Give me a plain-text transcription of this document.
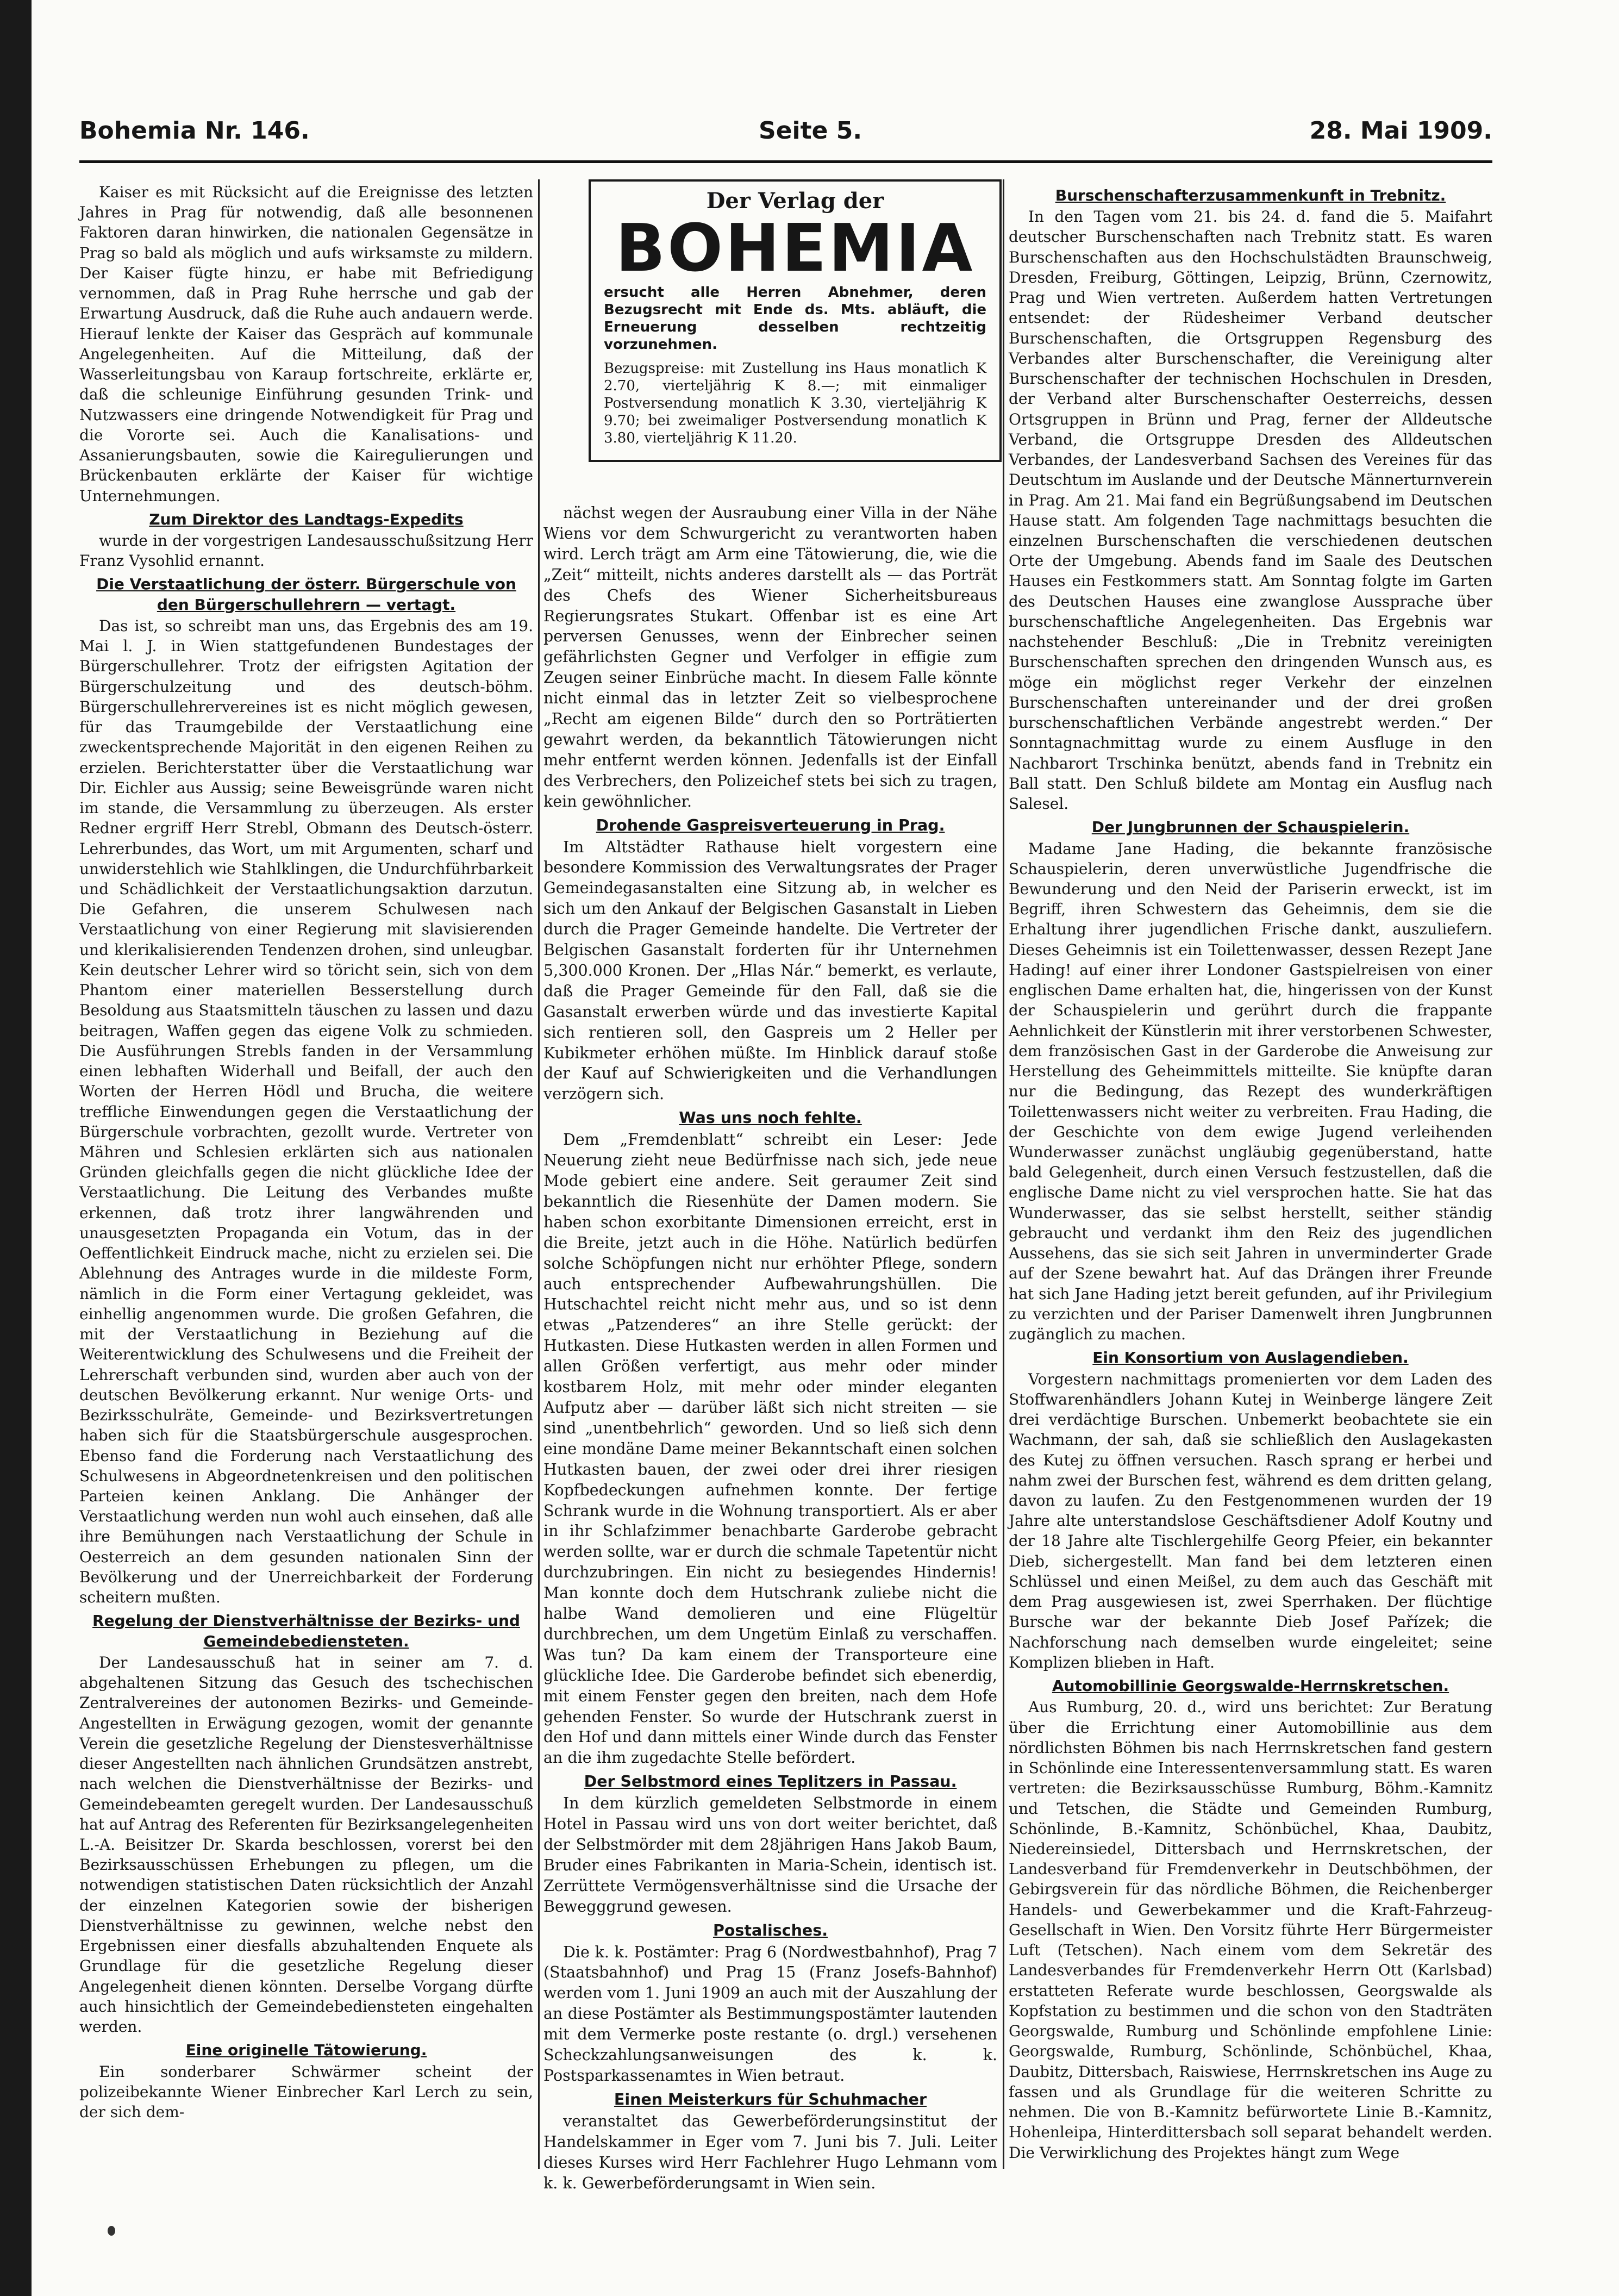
Bohemia Nr. 146.	Seite 5.	28. Mai 1909.

Kaiser es mit Rücksicht auf die Ereignisse des letzten Jahres in Prag für notwendig, daß alle besonnenen Faktoren daran hinwirken, die nationalen Gegensätze in Prag so bald als möglich und aufs wirksamste zu mildern. Der Kaiser fügte hinzu, er habe mit Befriedigung vernommen, daß in Prag Ruhe herrsche und gab der Erwartung Ausdruck, daß die Ruhe auch andauern werde. Hierauf lenkte der Kaiser das Gespräch auf kommunale Angelegenheiten. Auf die Mitteilung, daß der Wasserleitungsbau von Karaup fortschreite, erklärte er, daß die schleunige Einführung gesunden Trink- und Nutzwassers eine dringende Notwendigkeit für Prag und die Vororte sei. Auch die Kanalisations- und Assanierungsbauten, sowie die Kairegulierungen und Brückenbauten erklärte der Kaiser für wichtige Unternehmungen.

Zum Direktor des Landtags-Expedits

wurde in der vorgestrigen Landesausschußsitzung Herr Franz Vysohlid ernannt.

Die Verstaatlichung der österr. Bürgerschule von den Bürgerschullehrern — vertagt.

Das ist, so schreibt man uns, das Ergebnis des am 19. Mai l. J. in Wien stattgefundenen Bundestages der Bürgerschullehrer. Trotz der eifrigsten Agitation der Bürgerschulzeitung und des deutsch-böhm. Bürgerschullehrervereines ist es nicht möglich gewesen, für das Traumgebilde der Verstaatlichung eine zweckentsprechende Majorität in den eigenen Reihen zu erzielen. Berichterstatter über die Verstaatlichung war Dir. Eichler aus Aussig; seine Beweisgründe waren nicht im stande, die Versammlung zu überzeugen. Als erster Redner ergriff Herr Strebl, Obmann des Deutsch-österr. Lehrerbundes, das Wort, um mit Argumenten, scharf und unwiderstehlich wie Stahlklingen, die Undurchführbarkeit und Schädlichkeit der Verstaatlichungsaktion darzutun. Die Gefahren, die unserem Schulwesen nach Verstaatlichung von einer Regierung mit slavisierenden und klerikalisierenden Tendenzen drohen, sind unleugbar. Kein deutscher Lehrer wird so töricht sein, sich von dem Phantom einer materiellen Besserstellung durch Besoldung aus Staatsmitteln täuschen zu lassen und dazu beitragen, Waffen gegen das eigene Volk zu schmieden. Die Ausführungen Strebls fanden in der Versammlung einen lebhaften Widerhall und Beifall, der auch den Worten der Herren Hödl und Brucha, die weitere treffliche Einwendungen gegen die Verstaatlichung der Bürgerschule vorbrachten, gezollt wurde. Vertreter von Mähren und Schlesien erklärten sich aus nationalen Gründen gleichfalls gegen die nicht glückliche Idee der Verstaatlichung. Die Leitung des Verbandes mußte erkennen, daß trotz ihrer langwährenden und unausgesetzten Propaganda ein Votum, das in der Oeffentlichkeit Eindruck mache, nicht zu erzielen sei. Die Ablehnung des Antrages wurde in die mildeste Form, nämlich in die Form einer Vertagung gekleidet, was einhellig angenommen wurde. Die großen Gefahren, die mit der Verstaatlichung in Beziehung auf die Weiterentwicklung des Schulwesens und die Freiheit der Lehrerschaft verbunden sind, wurden aber auch von der deutschen Bevölkerung erkannt. Nur wenige Orts- und Bezirksschulräte, Gemeinde- und Bezirksvertretungen haben sich für die Staatsbürgerschule ausgesprochen. Ebenso fand die Forderung nach Verstaatlichung des Schulwesens in Abgeordnetenkreisen und den politischen Parteien keinen Anklang. Die Anhänger der Verstaatlichung werden nun wohl auch einsehen, daß alle ihre Bemühungen nach Verstaatlichung der Schule in Oesterreich an dem gesunden nationalen Sinn der Bevölkerung und der Unerreichbarkeit der Forderung scheitern mußten.

Regelung der Dienstverhältnisse der Bezirks- und Gemeindebediensteten.

Der Landesausschuß hat in seiner am 7. d. abgehaltenen Sitzung das Gesuch des tschechischen Zentralvereines der autonomen Bezirks- und Gemeinde-Angestellten in Erwägung gezogen, womit der genannte Verein die gesetzliche Regelung der Dienstesverhältnisse dieser Angestellten nach ähnlichen Grundsätzen anstrebt, nach welchen die Dienstverhältnisse der Bezirks- und Gemeindebeamten geregelt wurden. Der Landesausschuß hat auf Antrag des Referenten für Bezirksangelegenheiten L.-A. Beisitzer Dr. Skarda beschlossen, vorerst bei den Bezirksausschüssen Erhebungen zu pflegen, um die notwendigen statistischen Daten rücksichtlich der Anzahl der einzelnen Kategorien sowie der bisherigen Dienstverhältnisse zu gewinnen, welche nebst den Ergebnissen einer diesfalls abzuhaltenden Enquete als Grundlage für die gesetzliche Regelung dieser Angelegenheit dienen könnten. Derselbe Vorgang dürfte auch hinsichtlich der Gemeindebediensteten eingehalten werden.

Eine originelle Tätowierung.

Ein sonderbarer Schwärmer scheint der polizeibekannte Wiener Einbrecher Karl Lerch zu sein, der sich dem-

Der Verlag der
BOHEMIA
ersucht alle Herren Abnehmer, deren Bezugsrecht mit Ende ds. Mts. abläuft, die Erneuerung desselben rechtzeitig vorzunehmen.
Bezugspreise: mit Zustellung ins Haus monatlich K 2.70, vierteljährig K 8.—; mit einmaliger Postversendung monatlich K 3.30, vierteljährig K 9.70; bei zweimaliger Postversendung monatlich K 3.80, vierteljährig K 11.20.

nächst wegen der Ausraubung einer Villa in der Nähe Wiens vor dem Schwurgericht zu verantworten haben wird. Lerch trägt am Arm eine Tätowierung, die, wie die „Zeit“ mitteilt, nichts anderes darstellt als — das Porträt des Chefs des Wiener Sicherheitsbureaus Regierungsrates Stukart. Offenbar ist es eine Art perversen Genusses, wenn der Einbrecher seinen gefährlichsten Gegner und Verfolger in effigie zum Zeugen seiner Einbrüche macht. In diesem Falle könnte nicht einmal das in letzter Zeit so vielbesprochene „Recht am eigenen Bilde“ durch den so Porträtierten gewahrt werden, da bekanntlich Tätowierungen nicht mehr entfernt werden können. Jedenfalls ist der Einfall des Verbrechers, den Polizeichef stets bei sich zu tragen, kein gewöhnlicher.

Drohende Gaspreisverteuerung in Prag.

Im Altstädter Rathause hielt vorgestern eine besondere Kommission des Verwaltungsrates der Prager Gemeindegasanstalten eine Sitzung ab, in welcher es sich um den Ankauf der Belgischen Gasanstalt in Lieben durch die Prager Gemeinde handelte. Die Vertreter der Belgischen Gasanstalt forderten für ihr Unternehmen 5,300.000 Kronen. Der „Hlas Nár.“ bemerkt, es verlaute, daß die Prager Gemeinde für den Fall, daß sie die Gasanstalt erwerben würde und das investierte Kapital sich rentieren soll, den Gaspreis um 2 Heller per Kubikmeter erhöhen müßte. Im Hinblick darauf stoße der Kauf auf Schwierigkeiten und die Verhandlungen verzögern sich.

Was uns noch fehlte.

Dem „Fremdenblatt“ schreibt ein Leser: Jede Neuerung zieht neue Bedürfnisse nach sich, jede neue Mode gebiert eine andere. Seit geraumer Zeit sind bekanntlich die Riesenhüte der Damen modern. Sie haben schon exorbitante Dimensionen erreicht, erst in die Breite, jetzt auch in die Höhe. Natürlich bedürfen solche Schöpfungen nicht nur erhöhter Pflege, sondern auch entsprechender Aufbewahrungshüllen. Die Hutschachtel reicht nicht mehr aus, und so ist denn etwas „Patzenderes“ an ihre Stelle gerückt: der Hutkasten. Diese Hutkasten werden in allen Formen und allen Größen verfertigt, aus mehr oder minder kostbarem Holz, mit mehr oder minder eleganten Aufputz aber — darüber läßt sich nicht streiten — sie sind „unentbehrlich“ geworden. Und so ließ sich denn eine mondäne Dame meiner Bekanntschaft einen solchen Hutkasten bauen, der zwei oder drei ihrer riesigen Kopfbedeckungen aufnehmen konnte. Der fertige Schrank wurde in die Wohnung transportiert. Als er aber in ihr Schlafzimmer benachbarte Garderobe gebracht werden sollte, war er durch die schmale Tapetentür nicht durchzubringen. Ein nicht zu besiegendes Hindernis! Man konnte doch dem Hutschrank zuliebe nicht die halbe Wand demolieren und eine Flügeltür durchbrechen, um dem Ungetüm Einlaß zu verschaffen. Was tun? Da kam einem der Transporteure eine glückliche Idee. Die Garderobe befindet sich ebenerdig, mit einem Fenster gegen den breiten, nach dem Hofe gehenden Fenster. So wurde der Hutschrank zuerst in den Hof und dann mittels einer Winde durch das Fenster an die ihm zugedachte Stelle befördert.

Der Selbstmord eines Teplitzers in Passau.

In dem kürzlich gemeldeten Selbstmorde in einem Hotel in Passau wird uns von dort weiter berichtet, daß der Selbstmörder mit dem 28jährigen Hans Jakob Baum, Bruder eines Fabrikanten in Maria-Schein, identisch ist. Zerrüttete Vermögensverhältnisse sind die Ursache der Bewegggrund gewesen.

Postalisches.

Die k. k. Postämter: Prag 6 (Nordwestbahnhof), Prag 7 (Staatsbahnhof) und Prag 15 (Franz Josefs-Bahnhof) werden vom 1. Juni 1909 an auch mit der Auszahlung der an diese Postämter als Bestimmungspostämter lautenden mit dem Vermerke poste restante (o. drgl.) versehenen Scheckzahlungsanweisungen des k. k. Postsparkassenamtes in Wien betraut.

Einen Meisterkurs für Schuhmacher

veranstaltet das Gewerbeförderungsinstitut der Handelskammer in Eger vom 7. Juni bis 7. Juli. Leiter dieses Kurses wird Herr Fachlehrer Hugo Lehmann vom k. k. Gewerbeförderungsamt in Wien sein.

Burschenschafterzusammenkunft in Trebnitz.

In den Tagen vom 21. bis 24. d. fand die 5. Maifahrt deutscher Burschenschaften nach Trebnitz statt. Es waren Burschenschaften aus den Hochschulstädten Braunschweig, Dresden, Freiburg, Göttingen, Leipzig, Brünn, Czernowitz, Prag und Wien vertreten. Außerdem hatten Vertretungen entsendet: der Rüdesheimer Verband deutscher Burschenschaften, die Ortsgruppen Regensburg des Verbandes alter Burschenschafter, die Vereinigung alter Burschenschafter der technischen Hochschulen in Dresden, der Verband alter Burschenschafter Oesterreichs, dessen Ortsgruppen in Brünn und Prag, ferner der Alldeutsche Verband, die Ortsgruppe Dresden des Alldeutschen Verbandes, der Landesverband Sachsen des Vereines für das Deutschtum im Auslande und der Deutsche Männerturnverein in Prag. Am 21. Mai fand ein Begrüßungsabend im Deutschen Hause statt. Am folgenden Tage nachmittags besuchten die einzelnen Burschenschaften die verschiedenen deutschen Orte der Umgebung. Abends fand im Saale des Deutschen Hauses ein Festkommers statt. Am Sonntag folgte im Garten des Deutschen Hauses eine zwanglose Aussprache über burschenschaftliche Angelegenheiten. Das Ergebnis war nachstehender Beschluß: „Die in Trebnitz vereinigten Burschenschaften sprechen den dringenden Wunsch aus, es möge ein möglichst reger Verkehr der einzelnen Burschenschaften untereinander und der drei großen burschenschaftlichen Verbände angestrebt werden.“ Der Sonntagnachmittag wurde zu einem Ausfluge in den Nachbarort Trschinka benützt, abends fand in Trebnitz ein Ball statt. Den Schluß bildete am Montag ein Ausflug nach Salesel.

Der Jungbrunnen der Schauspielerin.

Madame Jane Hading, die bekannte französische Schauspielerin, deren unverwüstliche Jugendfrische die Bewunderung und den Neid der Pariserin erweckt, ist im Begriff, ihren Schwestern das Geheimnis, dem sie die Erhaltung ihrer jugendlichen Frische dankt, auszuliefern. Dieses Geheimnis ist ein Toilettenwasser, dessen Rezept Jane Hading! auf einer ihrer Londoner Gastspielreisen von einer englischen Dame erhalten hat, die, hingerissen von der Kunst der Schauspielerin und gerührt durch die frappante Aehnlichkeit der Künstlerin mit ihrer verstorbenen Schwester, dem französischen Gast in der Garderobe die Anweisung zur Herstellung des Geheimmittels mitteilte. Sie knüpfte daran nur die Bedingung, das Rezept des wunderkräftigen Toilettenwassers nicht weiter zu verbreiten. Frau Hading, die der Geschichte von dem ewige Jugend verleihenden Wunderwasser zunächst ungläubig gegenüberstand, hatte bald Gelegenheit, durch einen Versuch festzustellen, daß die englische Dame nicht zu viel versprochen hatte. Sie hat das Wunderwasser, das sie selbst herstellt, seither ständig gebraucht und verdankt ihm den Reiz des jugendlichen Aussehens, das sie sich seit Jahren in unverminderter Grade auf der Szene bewahrt hat. Auf das Drängen ihrer Freunde hat sich Jane Hading jetzt bereit gefunden, auf ihr Privilegium zu verzichten und der Pariser Damenwelt ihren Jungbrunnen zugänglich zu machen.

Ein Konsortium von Auslagendieben.

Vorgestern nachmittags promenierten vor dem Laden des Stoffwarenhändlers Johann Kutej in Weinberge längere Zeit drei verdächtige Burschen. Unbemerkt beobachtete sie ein Wachmann, der sah, daß sie schließlich den Auslagekasten des Kutej zu öffnen versuchen. Rasch sprang er herbei und nahm zwei der Burschen fest, während es dem dritten gelang, davon zu laufen. Zu den Festgenommenen wurden der 19 Jahre alte unterstandslose Geschäftsdiener Adolf Koutny und der 18 Jahre alte Tischlergehilfe Georg Pfeier, ein bekannter Dieb, sichergestellt. Man fand bei dem letzteren einen Schlüssel und einen Meißel, zu dem auch das Geschäft mit dem Prag ausgewiesen ist, zwei Sperrhaken. Der flüchtige Bursche war der bekannte Dieb Josef Pařízek; die Nachforschung nach demselben wurde eingeleitet; seine Komplizen blieben in Haft.

Automobillinie Georgswalde-Herrnskretschen.

Aus Rumburg, 20. d., wird uns berichtet: Zur Beratung über die Errichtung einer Automobillinie aus dem nördlichsten Böhmen bis nach Herrnskretschen fand gestern in Schönlinde eine Interessentenversammlung statt. Es waren vertreten: die Bezirksausschüsse Rumburg, Böhm.-Kamnitz und Tetschen, die Städte und Gemeinden Rumburg, Schönlinde, B.-Kamnitz, Schönbüchel, Khaa, Daubitz, Niedereinsiedel, Dittersbach und Herrnskretschen, der Landesverband für Fremdenverkehr in Deutschböhmen, der Gebirgsverein für das nördliche Böhmen, die Reichenberger Handels- und Gewerbekammer und die Kraft-Fahrzeug-Gesellschaft in Wien. Den Vorsitz führte Herr Bürgermeister Luft (Tetschen). Nach einem vom dem Sekretär des Landesverbandes für Fremdenverkehr Herrn Ott (Karlsbad) erstatteten Referate wurde beschlossen, Georgswalde als Kopfstation zu bestimmen und die schon von den Stadträten Georgswalde, Rumburg und Schönlinde empfohlene Linie: Georgswalde, Rumburg, Schönlinde, Schönbüchel, Khaa, Daubitz, Dittersbach, Raiswiese, Herrnskretschen ins Auge zu fassen und als Grundlage für die weiteren Schritte zu nehmen. Die von B.-Kamnitz befürwortete Linie B.-Kamnitz, Hohenleipa, Hinterdittersbach soll separat behandelt werden. Die Verwirklichung des Projektes hängt zum Wege
